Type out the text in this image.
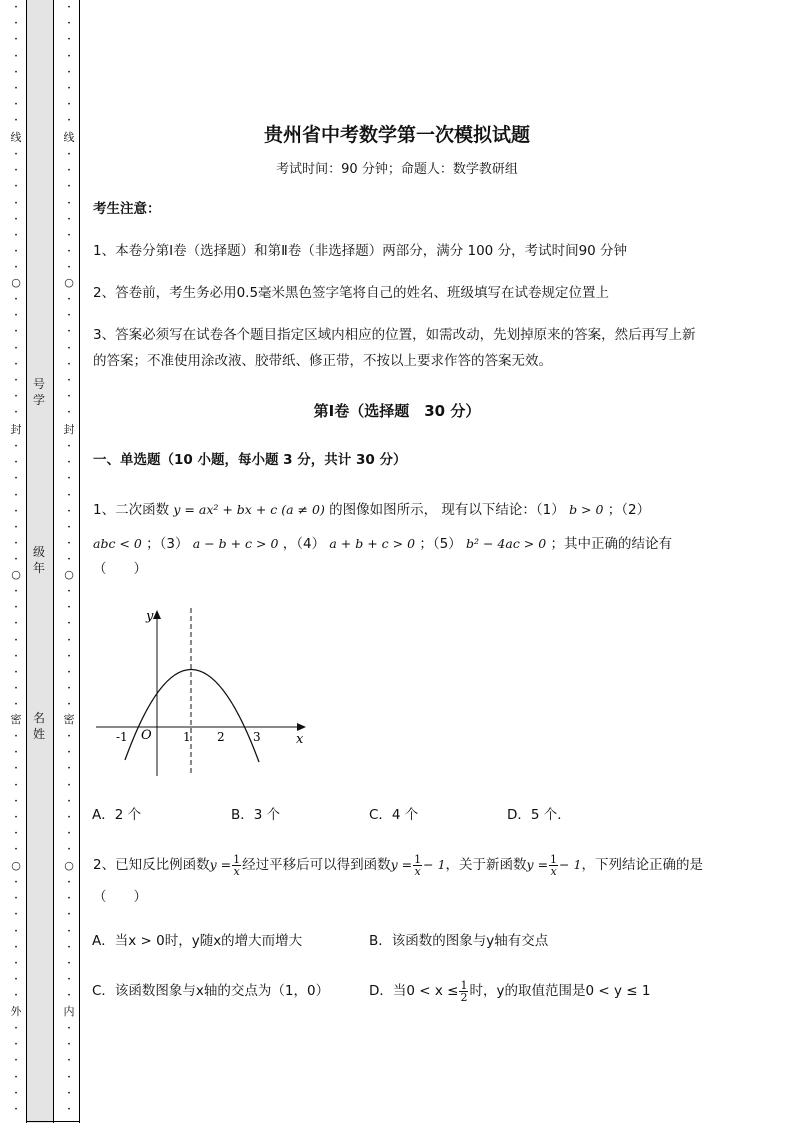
•
•
•
•
•
•
•
•
线
•
•
•
•
•
•
•
•
○
•
•
•
•
•
•
•
•
封
•
•
•
•
•
•
•
•
○
•
•
•
•
•
•
•
•
密
•
•
•
•
•
•
•
•
○
•
•
•
•
•
•
•
•
外
•
•
•
•
•
•
•
•
•
•
•
•
•
•
线
•
•
•
•
•
•
•
•
○
•
•
•
•
•
•
•
•
封
•
•
•
•
•
•
•
•
○
•
•
•
•
•
•
•
•
密
•
•
•
•
•
•
•
•
○
•
•
•
•
•
•
•
•
内
•
•
•
•
•
•
号
学
级
年
名
姓
贵州省中考数学第一次模拟试题
考试时间：90 分钟；命题人：数学教研组
考生注意：
1、本卷分第Ⅰ卷（选择题）和第Ⅱ卷（非选择题）两部分，满分 100 分，考试时间90 分钟
2、答卷前，考生务必用0.5毫米黑色签字笔将自己的姓名、班级填写在试卷规定位置上
3、答案必须写在试卷各个题目指定区域内相应的位置，如需改动，先划掉原来的答案，然后再写上新
的答案；不准使用涂改液、胶带纸、修正带，不按以上要求作答的答案无效。
第Ⅰ卷（选择题　30 分）
一、单选题（10 小题，每小题 3 分，共计 30 分）
1、二次函数 y = ax² + bx + c (a ≠ 0) 的图像如图所示， 现有以下结论：（1） b > 0 ；（2）
abc < 0 ；（3） a − b + c > 0 ，（4） a + b + c > 0 ；（5） b² − 4ac > 0 ；其中正确的结论有
（　　）
y
x
O
-1	1 2 3
A．2 个	B．3 个	C．4 个	D．5 个.
2、已知反比例函数$y = \frac{1}{x}$ 经过平移后可以得到函数$y = \frac{1}{x} - 1$，关于新函数$y = \frac{1}{x} - 1$，下列结论正确的是
（　　）
A．当x > 0时，y随x的增大而增大	B．该函数的图象与y轴有交点
C．该函数图象与x轴的交点为（1，0）	D．当$0 < x \le \frac{1}{2}$ 时，y的取值范围是0 < y ≤ 1
